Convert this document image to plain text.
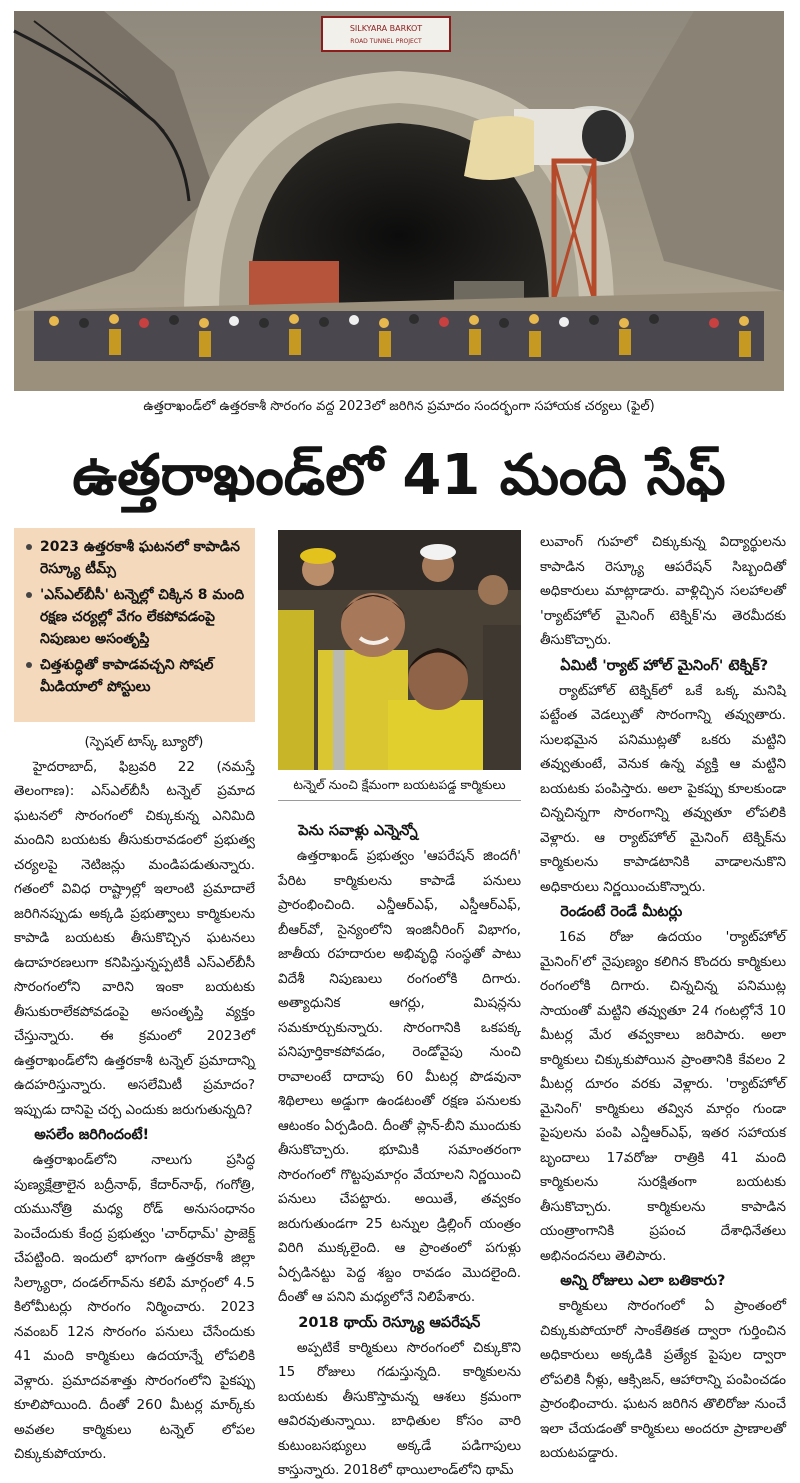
SILKYARA BARKOT
ROAD TUNNEL PROJECT
ఉత్తరాఖండ్‌లో ఉత్తరకాశీ సొరంగం వద్ద 2023లో జరిగిన ప్రమాదం సందర్భంగా సహాయక చర్యలు (ఫైల్)
ఉత్తరాఖండ్‌లో 41 మంది సేఫ్
2023 ఉత్తరకాశీ ఘటనలో కాపాడిన రెస్క్యూ టీమ్స్
'ఎస్ఎల్‌బీసీ' టన్నెల్లో చిక్కిన 8 మంది రక్షణ చర్యల్లో వేగం లేకపోవడంపై నిపుణుల అసంతృప్తి
చిత్తశుద్ధితో కాపాడవచ్చని సోషల్ మీడియాలో పోస్టులు

(స్పెషల్ టాస్క్ బ్యూరో)

హైదరాబాద్, ఫిబ్రవరి 22 (నమస్తే తెలంగాణ): ఎస్ఎల్‌బీసీ టన్నెల్ ప్రమాద ఘటనలో సొరంగంలో చిక్కుకున్న ఎనిమిది మందిని బయటకు తీసుకురావడంలో ప్రభుత్వ చర్యలపై నెటిజన్లు మండిపడుతున్నారు. గతంలో వివిధ రాష్ట్రాల్లో ఇలాంటి ప్రమాదాలే జరిగినప్పుడు అక్కడి ప్రభుత్వాలు కార్మికులను కాపాడి బయటకు తీసుకొచ్చిన ఘటనలు ఉదాహరణలుగా కనిపిస్తున్నప్పటికీ ఎస్ఎల్‌బీసీ సొరంగంలోని వారిని ఇంకా బయటకు తీసుకురాలేకపోవడంపై అసంతృప్తి వ్యక్తం చేస్తున్నారు. ఈ క్రమంలో 2023లో ఉత్తరాఖండ్‌లోని ఉత్తరకాశీ టన్నెల్ ప్రమాదాన్ని ఉదహరిస్తున్నారు. అసలేమిటీ ప్రమాదం? ఇప్పుడు దానిపై చర్చ ఎందుకు జరుగుతున్నది?

అసలేం జరిగిందంటే!

ఉత్తరాఖండ్‌లోని నాలుగు ప్రసిద్ధ పుణ్యక్షేత్రాలైన బద్రీనాథ్, కేదార్‌నాథ్, గంగోత్రి, యమునోత్రి మధ్య రోడ్ అనుసంధానం పెంచేందుకు కేంద్ర ప్రభుత్వం 'చార్‌ధామ్' ప్రాజెక్ట్ చేపట్టింది. ఇందులో భాగంగా ఉత్తరకాశీ జిల్లా సిల్క్యారా, దండల్‌గావ్‌ను కలిపే మార్గంలో 4.5 కిలోమీటర్లు సొరంగం నిర్మించారు. 2023 నవంబర్ 12న సొరంగం పనులు చేసేందుకు 41 మంది కార్మికులు ఉదయాన్నే లోపలికి వెళ్లారు. ప్రమాదవశాత్తు సొరంగంలోని పైకప్పు కూలిపోయింది. దీంతో 260 మీటర్ల మార్క్‌కు అవతల కార్మికులు టన్నెల్ లోపల చిక్కుకుపోయారు.

టన్నెల్ నుంచి క్షేమంగా బయటపడ్డ కార్మికులు

పెను సవాళ్లు ఎన్నెన్నో

ఉత్తరాఖండ్ ప్రభుత్వం 'ఆపరేషన్ జిందగీ' పేరిట కార్మికులను కాపాడే పనులు ప్రారంభించింది. ఎన్డీఆర్ఎఫ్, ఎస్డీఆర్ఎఫ్, బీఆర్‌వో, సైన్యంలోని ఇంజినీరింగ్ విభాగం, జాతీయ రహదారుల అభివృద్ధి సంస్థతో పాటు విదేశీ నిపుణులు రంగంలోకి దిగారు. అత్యాధునిక ఆగర్లు, మిషన్లను సమకూర్చుకున్నారు. సొరంగానికి ఒకపక్క పనిపూర్తికాకపోవడం, రెండోవైపు నుంచి రావాలంటే దాదాపు 60 మీటర్ల పొడవునా శిథిలాలు అడ్డుగా ఉండటంతో రక్షణ పనులకు ఆటంకం ఏర్పడింది. దీంతో ప్లాన్-బీని ముందుకు తీసుకొచ్చారు. భూమికి సమాంతరంగా సొరంగంలో గొట్టపుమార్గం వేయాలని నిర్ణయించి పనులు చేపట్టారు. అయితే, తవ్వకం జరుగుతుండగా 25 టన్నుల డ్రిల్లింగ్ యంత్రం విరిగి ముక్కలైంది. ఆ ప్రాంతంలో పగుళ్లు ఏర్పడినట్టు పెద్ద శబ్దం రావడం మొదలైంది. దీంతో ఆ పనిని మధ్యలోనే నిలిపేశారు.

2018 థాయ్ రెస్క్యూ ఆపరేషన్

అప్పటికే కార్మికులు సొరంగంలో చిక్కుకొని 15 రోజులు గడుస్తున్నది. కార్మికులను బయటకు తీసుకొస్తామన్న ఆశలు క్రమంగా ఆవిరవుతున్నాయి. బాధితుల కోసం వారి కుటుంబసభ్యులు అక్కడే పడిగాపులు కాస్తున్నారు. 2018లో థాయిలాండ్‌లోని థామ్

లువాంగ్ గుహలో చిక్కుకున్న విద్యార్థులను కాపాడిన రెస్క్యూ ఆపరేషన్ సిబ్బందితో అధికారులు మాట్లాడారు. వాళ్లిచ్చిన సలహాలతో 'ర్యాట్‌హోల్ మైనింగ్ టెక్నిక్‌'ను తెరమీదకు తీసుకొచ్చారు.

ఏమిటీ 'ర్యాట్ హోల్ మైనింగ్' టెక్నిక్?

ర్యాట్‌హోల్ టెక్నిక్‌లో ఒకే ఒక్క మనిషి పట్టేంత వెడల్పుతో సొరంగాన్ని తవ్వుతారు. సులభమైన పనిముట్లతో ఒకరు మట్టిని తవ్వుతుంటే, వెనుక ఉన్న వ్యక్తి ఆ మట్టిని బయటకు పంపిస్తారు. అలా పైకప్పు కూలకుండా చిన్నచిన్నగా సొరంగాన్ని తవ్వుతూ లోపలికి వెళ్లారు. ఆ ర్యాట్‌హోల్ మైనింగ్ టెక్నిక్‌ను కార్మికులను కాపాడటానికి వాడాలనుకొని అధికారులు నిర్ణయించుకొన్నారు.

రెండంటే రెండే మీటర్లు

16వ రోజు ఉదయం 'ర్యాట్‌హోల్ మైనింగ్'లో నైపుణ్యం కలిగిన కొందరు కార్మికులు రంగంలోకి దిగారు. చిన్నచిన్న పనిముట్ల సాయంతో మట్టిని తవ్వుతూ 24 గంటల్లోనే 10 మీటర్ల మేర తవ్వకాలు జరిపారు. అలా కార్మికులు చిక్కుకుపోయిన ప్రాంతానికి కేవలం 2 మీటర్ల దూరం వరకు వెళ్లారు. 'ర్యాట్‌హోల్ మైనింగ్' కార్మికులు తవ్విన మార్గం గుండా పైపులను పంపి ఎన్డీఆర్ఎఫ్, ఇతర సహాయక బృందాలు 17వరోజు రాత్రికి 41 మంది కార్మికులను సురక్షితంగా బయటకు తీసుకొచ్చారు. కార్మికులను కాపాడిన యంత్రాంగానికి ప్రపంచ దేశాధినేతలు అభినందనలు తెలిపారు.

అన్ని రోజులు ఎలా బతికారు?

కార్మికులు సొరంగంలో ఏ ప్రాంతంలో చిక్కుకుపోయారో సాంకేతికత ద్వారా గుర్తించిన అధికారులు అక్కడికి ప్రత్యేక పైపుల ద్వారా లోపలికి నీళ్లు, ఆక్సిజన్, ఆహారాన్ని పంపించడం ప్రారంభించారు. ఘటన జరిగిన తొలిరోజు నుంచే ఇలా చేయడంతో కార్మికులు అందరూ ప్రాణాలతో బయటపడ్డారు.
